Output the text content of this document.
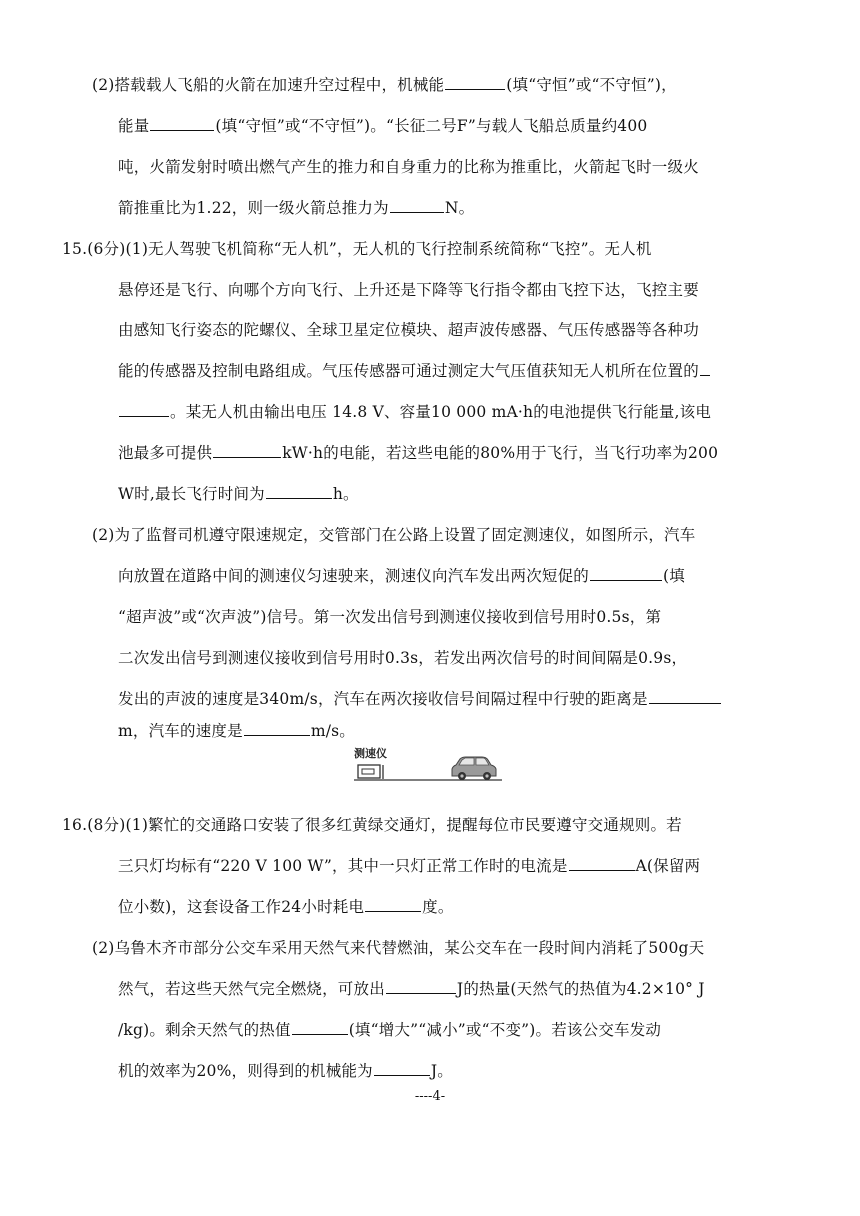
(2)搭载载人飞船的火箭在加速升空过程中，机械能	(填“守恒”或“不守恒”)，
能量	(填“守恒”或“不守恒”)。“长征二号F”与载人飞船总质量约400
吨，火箭发射时喷出燃气产生的推力和自身重力的比称为推重比，火箭起飞时一级火
箭推重比为1.22，则一级火箭总推力为	N。
15.(6分)(1)无人驾驶飞机简称“无人机”，无人机的飞行控制系统简称“飞控”。无人机
悬停还是飞行、向哪个方向飞行、上升还是下降等飞行指令都由飞控下达，飞控主要
由感知飞行姿态的陀螺仪、全球卫星定位模块、超声波传感器、气压传感器等各种功
能的传感器及控制电路组成。气压传感器可通过测定大气压值获知无人机所在位置的
。某无人机由输出电压 14.8 V、容量10 000 mA·h的电池提供飞行能量,该电
池最多可提供	kW·h的电能，若这些电能的80%用于飞行，当飞行功率为200
W时,最长飞行时间为	h。
(2)为了监督司机遵守限速规定，交管部门在公路上设置了固定测速仪，如图所示，汽车
向放置在道路中间的测速仪匀速驶来，测速仪向汽车发出两次短促的	(填
“超声波”或“次声波”)信号。第一次发出信号到测速仪接收到信号用时0.5s，第
二次发出信号到测速仪接收到信号用时0.3s，若发出两次信号的时间间隔是0.9s，
发出的声波的速度是340m/s，汽车在两次接收信号间隔过程中行驶的距离是
m，汽车的速度是	m/s。
测速仪
16.(8分)(1)繁忙的交通路口安装了很多红黄绿交通灯，提醒每位市民要遵守交通规则。若
三只灯均标有“220 V 100 W”，其中一只灯正常工作时的电流是	A(保留两
位小数)，这套设备工作24小时耗电	度。
(2)乌鲁木齐市部分公交车采用天然气来代替燃油，某公交车在一段时间内消耗了500g天
然气，若这些天然气完全燃烧，可放出	J的热量(天然气的热值为4.2×10° J
/kg)。剩余天然气的热值	(填“增大”“减小”或“不变”)。若该公交车发动
机的效率为20%，则得到的机械能为	J。
----4-
